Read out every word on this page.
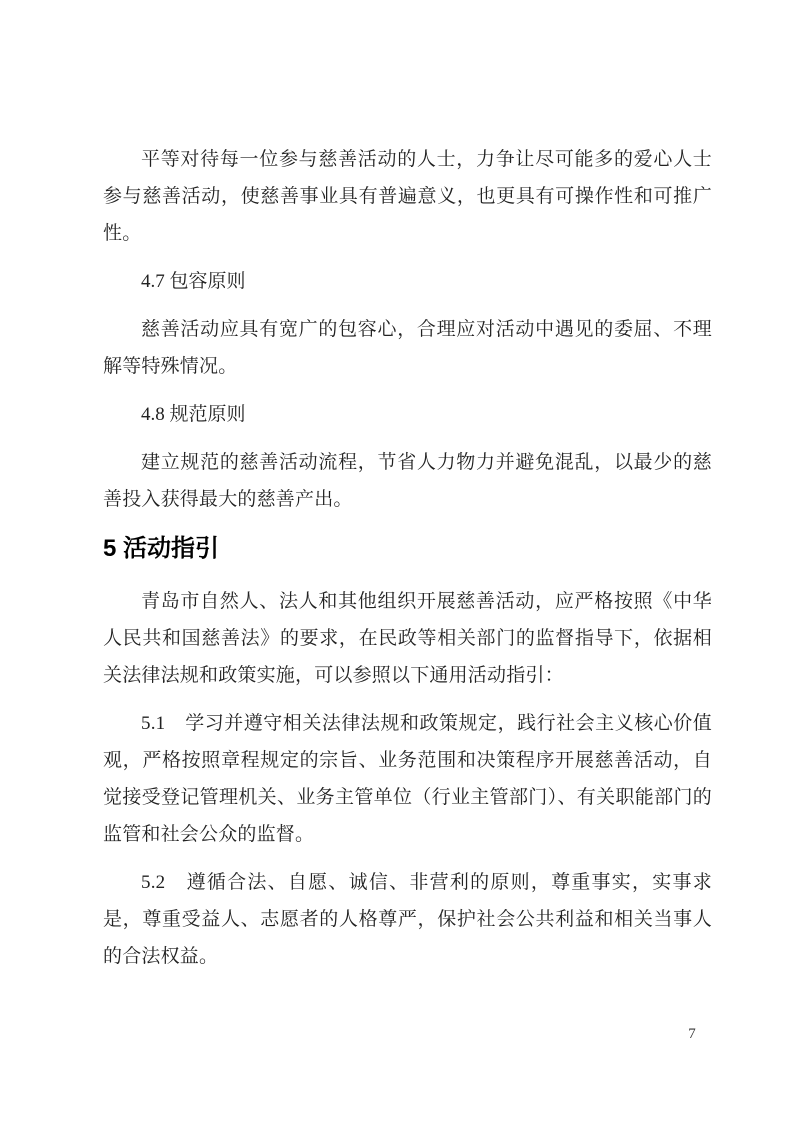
平等对待每一位参与慈善活动的人士，力争让尽可能多的爱心人士参与慈善活动，使慈善事业具有普遍意义，也更具有可操作性和可推广性。

4.7 包容原则

慈善活动应具有宽广的包容心，合理应对活动中遇见的委屈、不理解等特殊情况。

4.8 规范原则

建立规范的慈善活动流程，节省人力物力并避免混乱，以最少的慈善投入获得最大的慈善产出。

5 活动指引

青岛市自然人、法人和其他组织开展慈善活动，应严格按照《中华人民共和国慈善法》的要求，在民政等相关部门的监督指导下，依据相关法律法规和政策实施，可以参照以下通用活动指引：

5.1　学习并遵守相关法律法规和政策规定，践行社会主义核心价值观，严格按照章程规定的宗旨、业务范围和决策程序开展慈善活动，自觉接受登记管理机关、业务主管单位（行业主管部门）、有关职能部门的监管和社会公众的监督。

5.2　遵循合法、自愿、诚信、非营利的原则，尊重事实，实事求是，尊重受益人、志愿者的人格尊严，保护社会公共利益和相关当事人的合法权益。

7
